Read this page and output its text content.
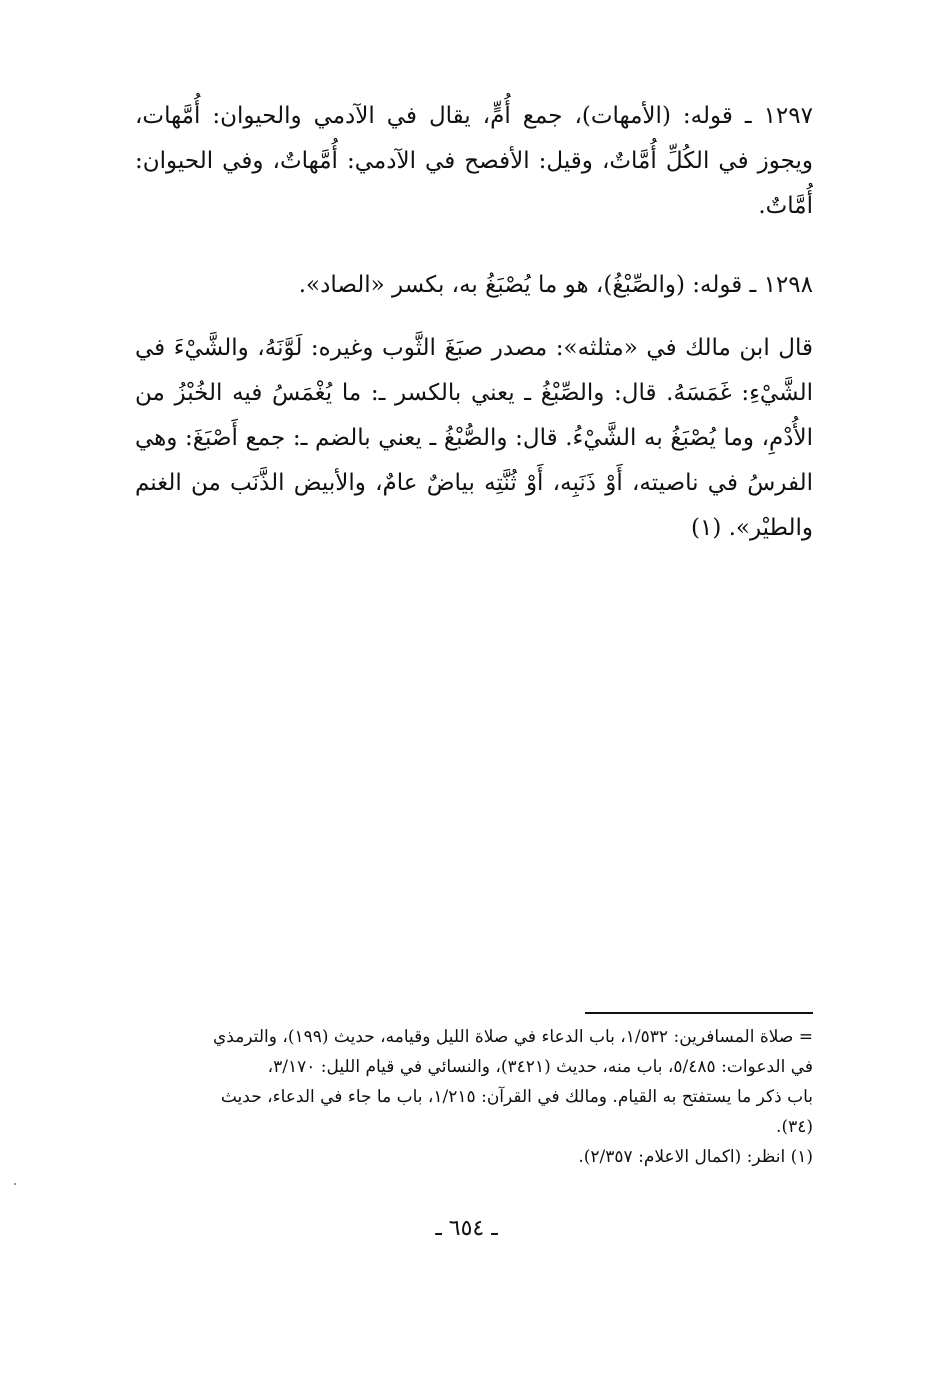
١٢٩٧ ـ قوله: (الأمهات)، جمع أُمٍّ، يقال في الآدمي والحيوان: أُمَّهات، ويجوز في الكُلِّ أُمَّاتٌ، وقيل: الأفصح في الآدمي: أُمَّهاتٌ، وفي الحيوان: أُمَّاتٌ.

١٢٩٨ ـ قوله: (والصِّبْغُ)، هو ما يُصْبَغُ به، بكسر «الصاد».

قال ابن مالك في «مثلثه»: مصدر صبَغَ الثَّوب وغيره: لَوَّنَهُ، والشَّيْءَ في الشَّيْءِ: غَمَسَهُ. قال: والصِّبْغُ ـ يعني بالكسر ـ: ما يُغْمَسُ فيه الخُبْزُ من الأُدْمِ، وما يُصْبَغُ به الشَّيْءُ. قال: والصُّبْغُ ـ يعني بالضم ـ: جمع أَصْبَغَ: وهي الفرسُ في ناصيته، أَوْ ذَنَبِه، أَوْ ثُنَّتِه بياضٌ عامٌ، والأبيض الذَّنَب من الغنم والطيْر». (١)

= صلاة المسافرين: ١/٥٣٢، باب الدعاء في صلاة الليل وقيامه، حديث (١٩٩)، والترمذي

في الدعوات: ٥/٤٨٥، باب منه، حديث (٣٤٢١)، والنسائي في قيام الليل: ٣/١٧٠،

باب ذكر ما يستفتح به القيام. ومالك في القرآن: ١/٢١٥، باب ما جاء في الدعاء، حديث

(٣٤).

(١) انظر: (اكمال الاعلام: ٢/٣٥٧).

ـ ٦٥٤ ـ
